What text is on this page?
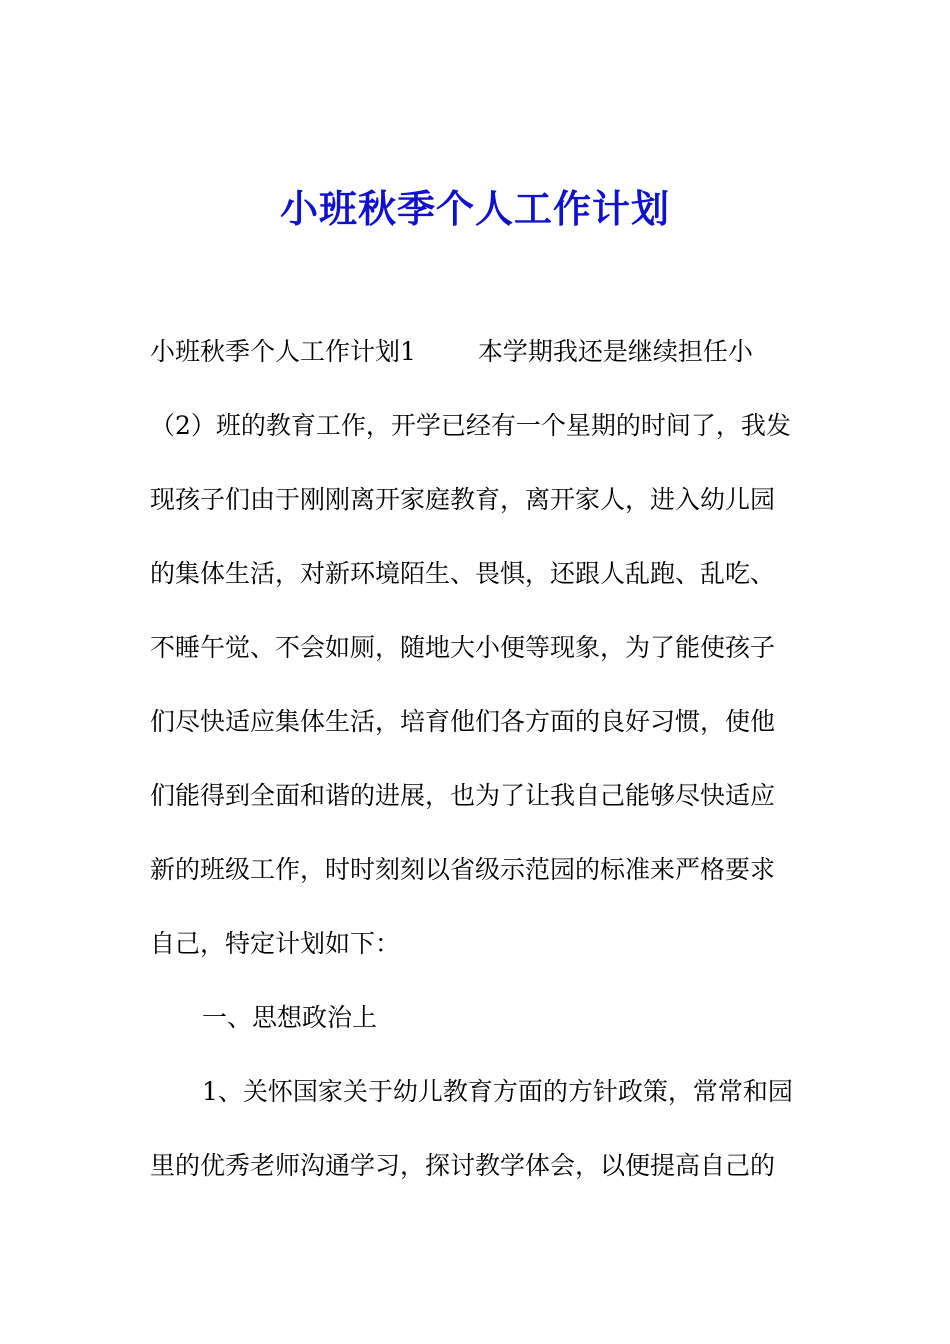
小班秋季个人工作计划
小班秋季个人工作计划1 本学期我还是继续担任小
（2）班的教育工作，开学已经有一个星期的时间了，我发
现孩子们由于刚刚离开家庭教育，离开家人，进入幼儿园
的集体生活，对新环境陌生、畏惧，还跟人乱跑、乱吃、
不睡午觉、不会如厕，随地大小便等现象，为了能使孩子
们尽快适应集体生活，培育他们各方面的良好习惯，使他
们能得到全面和谐的进展，也为了让我自己能够尽快适应
新的班级工作，时时刻刻以省级示范园的标准来严格要求
自己，特定计划如下：
一、思想政治上
1、关怀国家关于幼儿教育方面的方针政策，常常和园
里的优秀老师沟通学习，探讨教学体会，以便提高自己的
